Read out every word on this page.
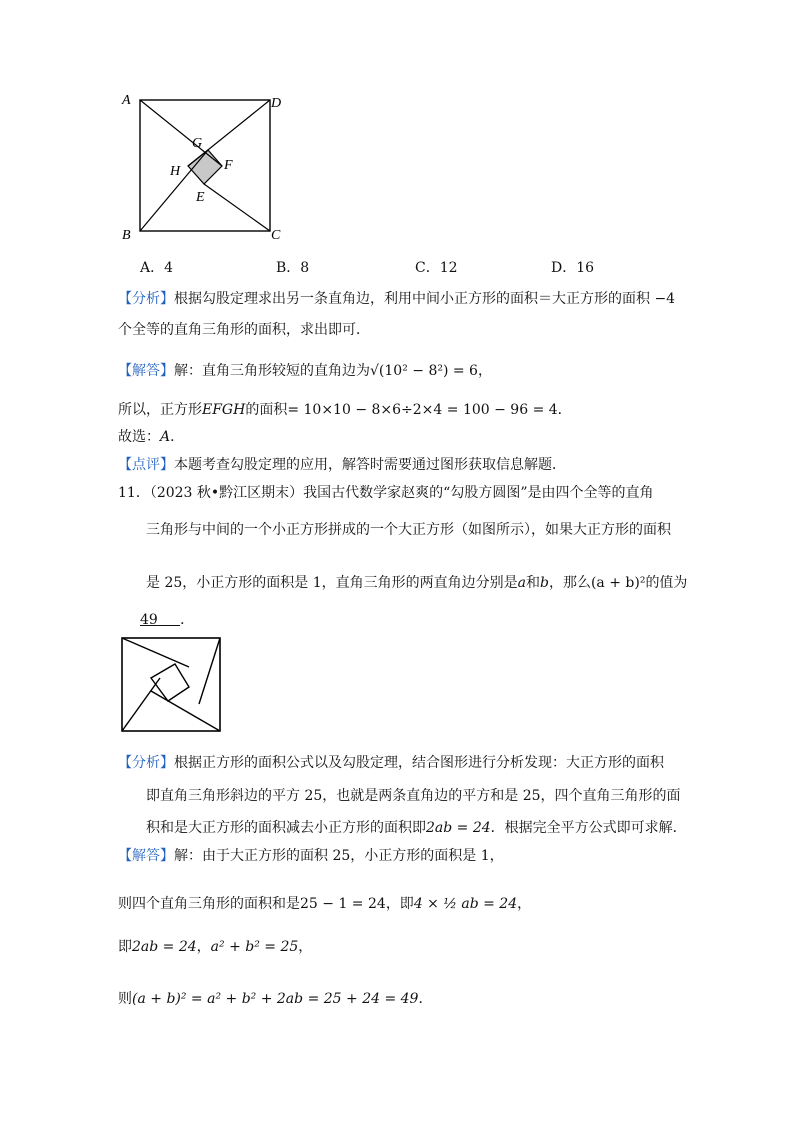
A	D
B	C
G
H	F
E
A．4	B．8	C．12	D．16
【分析】根据勾股定理求出另一条直角边，利用中间小正方形的面积＝大正方形的面积 −4
个全等的直角三角形的面积，求出即可．
【解答】解：直角三角形较短的直角边为√(10² − 8²) = 6，
所以，正方形EFGH的面积= 10×10 − 8×6÷2×4 = 100 − 96 = 4．
故选：A．
【点评】本题考查勾股定理的应用，解答时需要通过图形获取信息解题．
11．（2023 秋•黔江区期末）我国古代数学家赵爽的“勾股方圆图”是由四个全等的直角
三角形与中间的一个小正方形拼成的一个大正方形（如图所示），如果大正方形的面积
是 25，小正方形的面积是 1，直角三角形的两直角边分别是a和b，那么(a + b)²的值为
49 ．
【分析】根据正方形的面积公式以及勾股定理，结合图形进行分析发现：大正方形的面积
即直角三角形斜边的平方 25，也就是两条直角边的平方和是 25，四个直角三角形的面
积和是大正方形的面积减去小正方形的面积即2ab = 24．根据完全平方公式即可求解．
【解答】解：由于大正方形的面积 25，小正方形的面积是 1，
则四个直角三角形的面积和是25 − 1 = 24，即4 × ½ ab = 24，
即2ab = 24，a² + b² = 25，
则(a + b)² = a² + b² + 2ab = 25 + 24 = 49．
